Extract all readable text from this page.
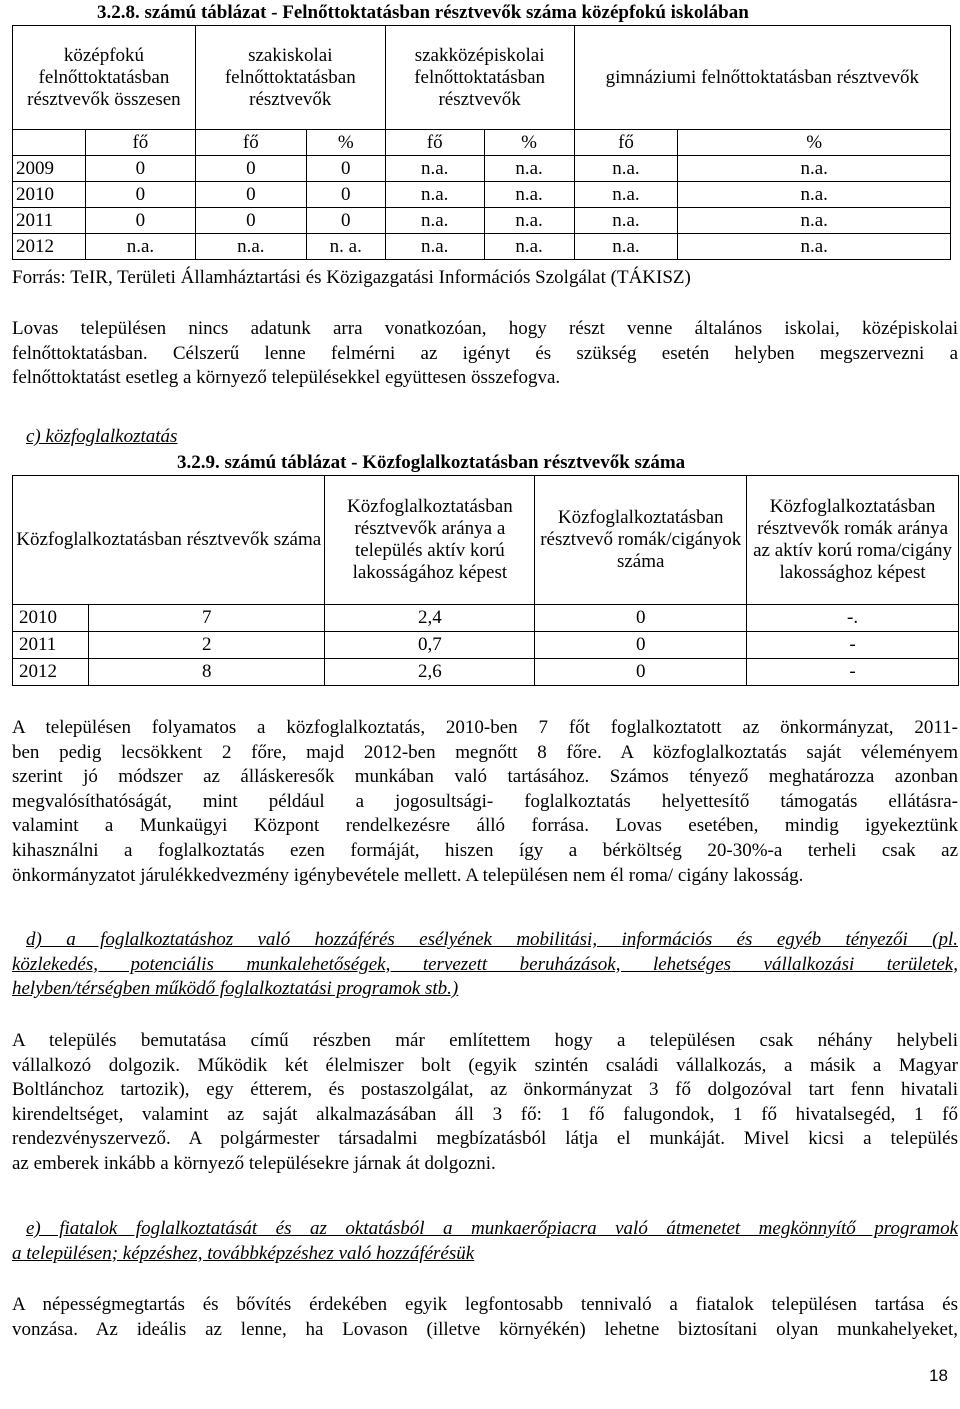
3.2.8. számú táblázat - Felnőttoktatásban résztvevők száma középfokú iskolában
középfokú felnőttoktatásban résztvevők összesen		szakiskolai felnőttoktatásban résztvevők		szakközépiskolai felnőttoktatásban résztvevők		gimnáziumi felnőttoktatásban résztvevők	
	fő	fő	%	fő	%	fő	%
2009	0	0	0	n.a.	n.a.	n.a.	n.a.
2010	0	0	0	n.a.	n.a.	n.a.	n.a.
2011	0	0	0	n.a.	n.a.	n.a.	n.a.
2012	n.a.	n.a.	n. a.	n.a.	n.a.	n.a.	n.a.
Forrás: TeIR, Területi Államháztartási és Közigazgatási Információs Szolgálat (TÁKISZ)
Lovas településen nincs adatunk arra vonatkozóan, hogy részt venne általános iskolai, középiskolai
felnőttoktatásban. Célszerű lenne felmérni az igényt és szükség esetén helyben megszervezni a
felnőttoktatást esetleg a környező településekkel együttesen összefogva.
c) közfoglalkoztatás
3.2.9. számú táblázat - Közfoglalkoztatásban résztvevők száma
Közfoglalkoztatásban résztvevők száma		Közfoglalkoztatásban résztvevők aránya a település aktív korú lakosságához képest	Közfoglalkoztatásban résztvevő romák/cigányok száma	Közfoglalkoztatásban résztvevők romák aránya az aktív korú roma/cigány lakossághoz képest
2010	7	2,4	0	-.
2011	2	0,7	0	-
2012	8	2,6	0	-
A településen folyamatos a közfoglalkoztatás, 2010-ben 7 főt foglalkoztatott az önkormányzat, 2011-
ben pedig lecsökkent 2 főre, majd 2012-ben megnőtt 8 főre. A közfoglalkoztatás saját véleményem
szerint jó módszer az álláskeresők munkában való tartásához. Számos tényező meghatározza azonban
megvalósíthatóságát, mint például a jogosultsági- foglalkoztatás helyettesítő támogatás ellátásra-
valamint a Munkaügyi Központ rendelkezésre álló forrása. Lovas esetében, mindig igyekeztünk
kihasználni a foglalkoztatás ezen formáját, hiszen így a bérköltség 20-30%-a terheli csak az
önkormányzatot járulékkedvezmény igénybevétele mellett. A településen nem él roma/ cigány lakosság.
d) a foglalkoztatáshoz való hozzáférés esélyének mobilitási, információs és egyéb tényezői (pl.
közlekedés, potenciális munkalehetőségek, tervezett beruházások, lehetséges vállalkozási területek,
helyben/térségben működő foglalkoztatási programok stb.)
A település bemutatása című részben már említettem hogy a településen csak néhány helybeli
vállalkozó dolgozik. Működik két élelmiszer bolt (egyik szintén családi vállalkozás, a másik a Magyar
Boltlánchoz tartozik), egy étterem, és postaszolgálat, az önkormányzat 3 fő dolgozóval tart fenn hivatali
kirendeltséget, valamint az saját alkalmazásában áll 3 fő: 1 fő falugondok, 1 fő hivatalsegéd, 1 fő
rendezvényszervező. A polgármester társadalmi megbízatásból látja el munkáját. Mivel kicsi a település
az emberek inkább a környező településekre járnak át dolgozni.
e) fiatalok foglalkoztatását és az oktatásból a munkaerőpiacra való átmenetet megkönnyítő programok
a településen; képzéshez, továbbképzéshez való hozzáférésük
A népességmegtartás és bővítés érdekében egyik legfontosabb tennivaló a fiatalok településen tartása és
vonzása. Az ideális az lenne, ha Lovason (illetve környékén) lehetne biztosítani olyan munkahelyeket,
18
